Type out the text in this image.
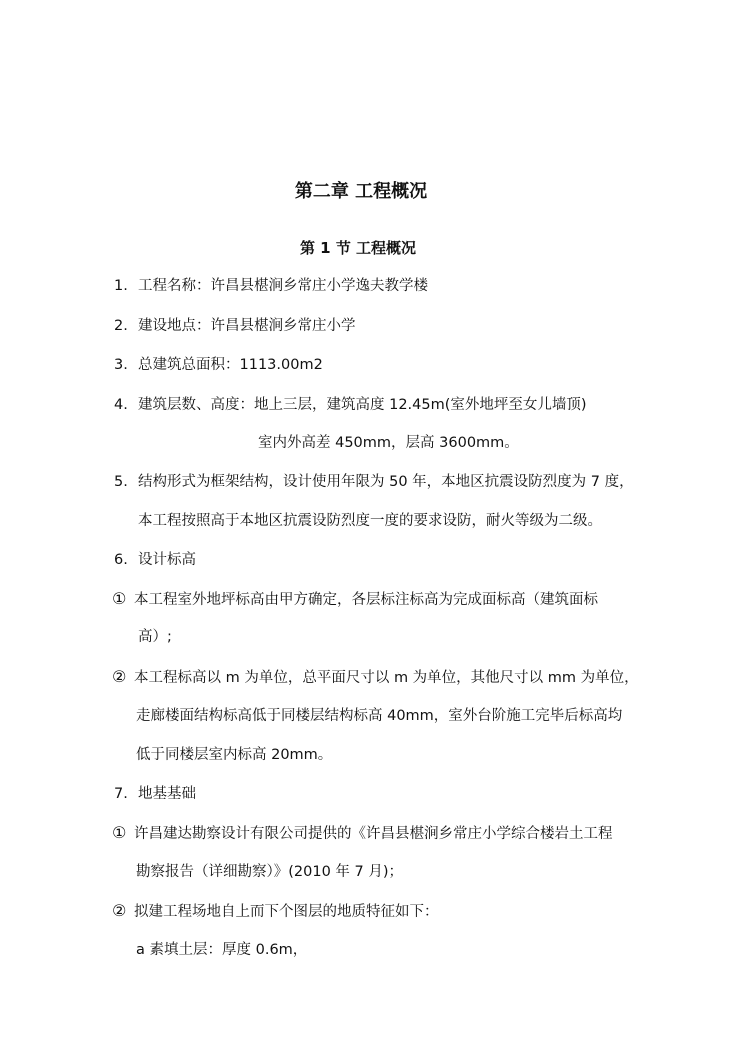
第二章 工程概况
第 1 节 工程概况
1. 工程名称：许昌县椹涧乡常庄小学逸夫教学楼
2. 建设地点：许昌县椹涧乡常庄小学
3. 总建筑总面积：1113.00m2
4. 建筑层数、高度：地上三层，建筑高度 12.45m(室外地坪至女儿墙顶)
室内外高差 450mm，层高 3600mm。
5. 结构形式为框架结构，设计使用年限为 50 年，本地区抗震设防烈度为 7 度，
本工程按照高于本地区抗震设防烈度一度的要求设防，耐火等级为二级。
6. 设计标高
① 本工程室外地坪标高由甲方确定，各层标注标高为完成面标高（建筑面标
高）;
② 本工程标高以 m 为单位，总平面尺寸以 m 为单位，其他尺寸以 mm 为单位，
走廊楼面结构标高低于同楼层结构标高 40mm，室外台阶施工完毕后标高均
低于同楼层室内标高 20mm。
7. 地基基础
① 许昌建达勘察设计有限公司提供的《许昌县椹涧乡常庄小学综合楼岩土工程
勘察报告（详细勘察）》(2010 年 7 月)；
② 拟建工程场地自上而下个图层的地质特征如下：
a 素填土层：厚度 0.6m，
